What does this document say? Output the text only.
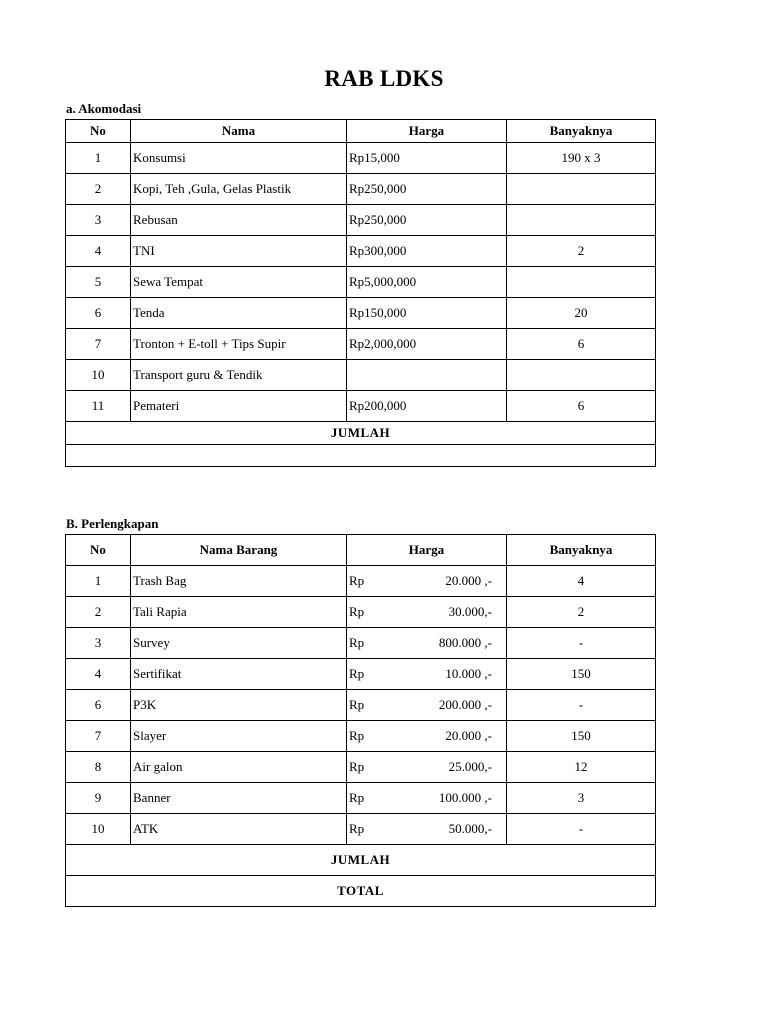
RAB LDKS
a. Akomodasi
No	Nama	Harga	Banyaknya
1	Konsumsi	Rp15,000	190 x 3
2	Kopi, Teh ,Gula, Gelas Plastik	Rp250,000	
3	Rebusan	Rp250,000	
4	TNI	Rp300,000	2
5	Sewa Tempat	Rp5,000,000	
6	Tenda	Rp150,000	20
7	Tronton + E-toll + Tips Supir	Rp2,000,000	6
10	Transport guru & Tendik		
11	Pemateri	Rp200,000	6
JUMLAH			

B. Perlengkapan
No	Nama Barang	Harga	Banyaknya
1	Trash Bag	Rp 20.000 ,-	4
2	Tali Rapia	Rp 30.000,-	2
3	Survey	Rp 800.000 ,-	-
4	Sertifikat	Rp 10.000 ,-	150
6	P3K	Rp 200.000 ,-	-
7	Slayer	Rp 20.000 ,-	150
8	Air galon	Rp 25.000,-	12
9	Banner	Rp 100.000 ,-	3
10	ATK	Rp 50.000,-	-
JUMLAH			
TOTAL			
